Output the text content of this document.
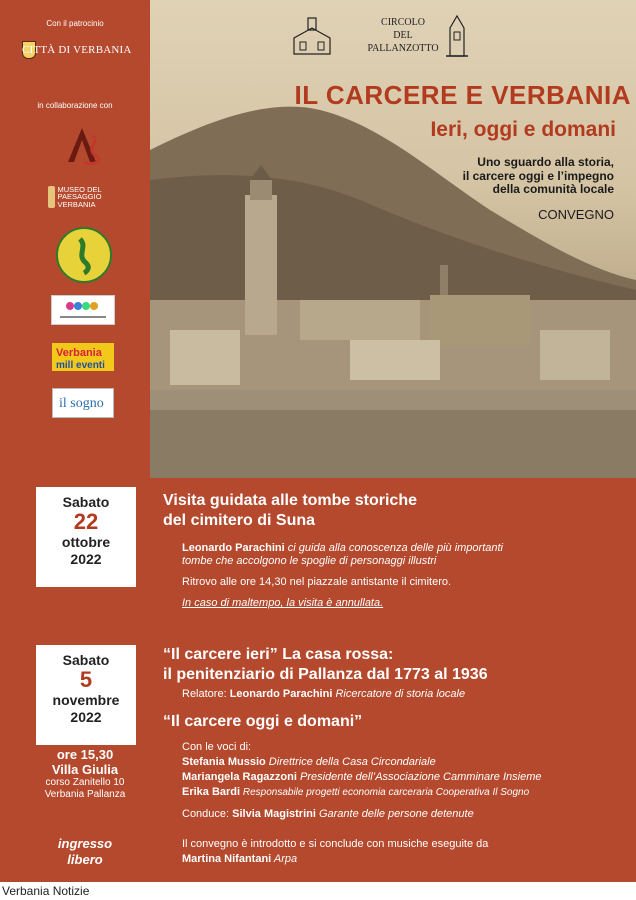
Con il patrocinio
CITTÀ DI VERBANIA
in collaborazione con
MUSEO DEL PAESAGGIO VERBANIA
Verbania
mill eventi
il sogno
CIRCOLO
DEL
PALLANZOTTO
IL CARCERE E VERBANIA
Ieri, oggi e domani
Uno sguardo alla storia,
il carcere oggi e l’impegno
della comunità locale
CONVEGNO
Sabato
22
ottobre
2022
Visita guidata alle tombe storiche
del cimitero di Suna
Leonardo Parachini ci guida alla conoscenza delle più importanti
tombe che accolgono le spoglie di personaggi illustri
Ritrovo alle ore 14,30 nel piazzale antistante il cimitero.
In caso di maltempo, la visita è annullata.
Sabato
5
novembre
2022
“Il carcere ieri” La casa rossa:
il penitenziario di Pallanza dal 1773 al 1936
Relatore: Leonardo Parachini Ricercatore di storia locale
“Il carcere oggi e domani”
Con le voci di:
Stefania Mussio Direttrice della Casa Circondariale
Mariangela Ragazzoni Presidente dell’Associazione Camminare Insieme
Erika Bardi Responsabile progetti economia carceraria Cooperativa Il Sogno
Conduce: Silvia Magistrini Garante delle persone detenute
Il convegno è introdotto e si conclude con musiche eseguite da
Martina Nifantani Arpa
ore 15,30
Villa Giulia
corso Zanitello 10
Verbania Pallanza
ingresso
libero
Verbania Notizie
